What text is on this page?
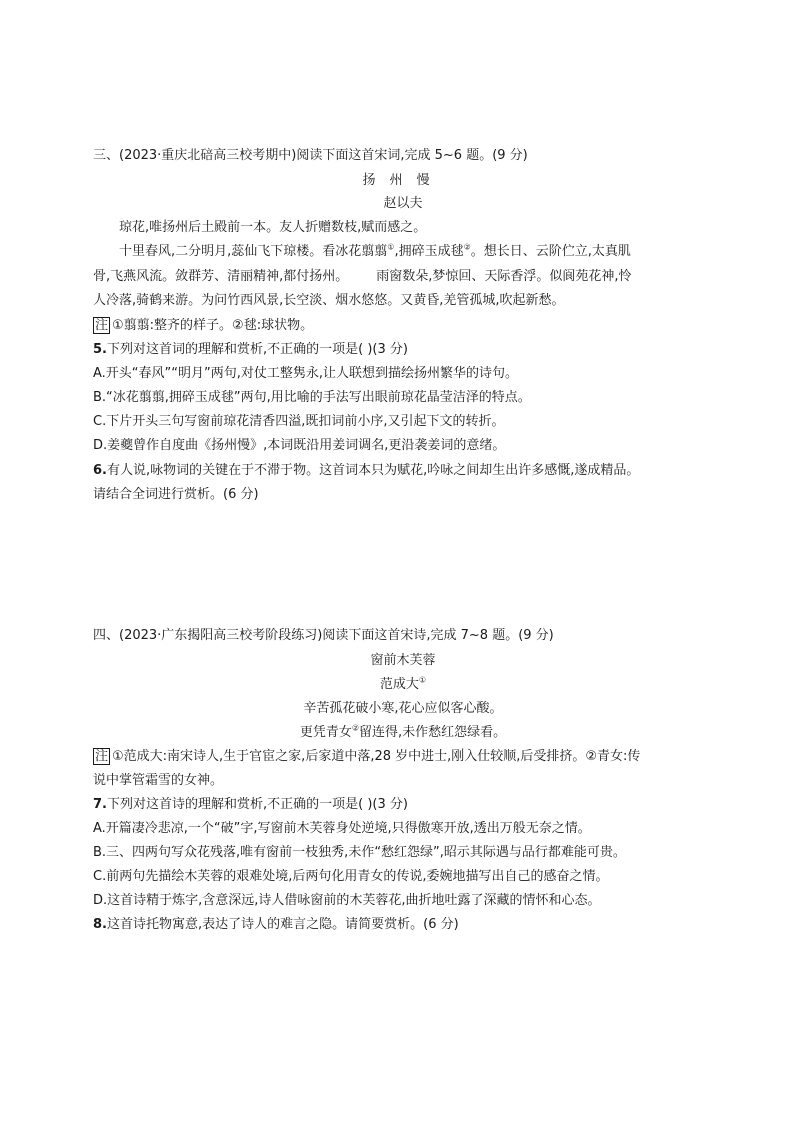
三、(2023·重庆北碚高三校考期中)阅读下面这首宋词,完成 5~6 题。(9 分)
扬州慢
赵以夫
琼花,唯扬州后土殿前一本。友人折赠数枝,赋而感之。
十里春风,二分明月,蕊仙飞下琼楼。看冰花翦翦①,拥碎玉成毬②。想长日、云阶伫立,太真肌
骨,飞燕风流。敛群芳、清丽精神,都付扬州。 雨窗数朵,梦惊回、天际香浮。似阆苑花神,怜
人冷落,骑鹤来游。为问竹西风景,长空淡、烟水悠悠。又黄昏,羌管孤城,吹起新愁。
注 ①翦翦:整齐的样子。②毬:球状物。
5.下列对这首词的理解和赏析,不正确的一项是( )(3 分)
A.开头“春风”“明月”两句,对仗工整隽永,让人联想到描绘扬州繁华的诗句。
B.“冰花翦翦,拥碎玉成毬”两句,用比喻的手法写出眼前琼花晶莹洁泽的特点。
C.下片开头三句写窗前琼花清香四溢,既扣词前小序,又引起下文的转折。
D.姜夔曾作自度曲《扬州慢》,本词既沿用姜词调名,更沿袭姜词的意绪。
6.有人说,咏物词的关键在于不滞于物。这首词本只为赋花,吟咏之间却生出许多感慨,遂成精品。
请结合全词进行赏析。(6 分)
四、(2023·广东揭阳高三校考阶段练习)阅读下面这首宋诗,完成 7~8 题。(9 分)
窗前木芙蓉
范成大①
辛苦孤花破小寒,花心应似客心酸。
更凭青女②留连得,未作愁红怨绿看。
注 ①范成大:南宋诗人,生于官宦之家,后家道中落,28 岁中进士,刚入仕较顺,后受排挤。②青女:传
说中掌管霜雪的女神。
7.下列对这首诗的理解和赏析,不正确的一项是( )(3 分)
A.开篇凄冷悲凉,一个“破”字,写窗前木芙蓉身处逆境,只得傲寒开放,透出万般无奈之情。
B.三、四两句写众花残落,唯有窗前一枝独秀,未作“愁红怨绿”,昭示其际遇与品行都难能可贵。
C.前两句先描绘木芙蓉的艰难处境,后两句化用青女的传说,委婉地描写出自己的感奋之情。
D.这首诗精于炼字,含意深远,诗人借咏窗前的木芙蓉花,曲折地吐露了深藏的情怀和心态。
8.这首诗托物寓意,表达了诗人的难言之隐。请简要赏析。(6 分)
